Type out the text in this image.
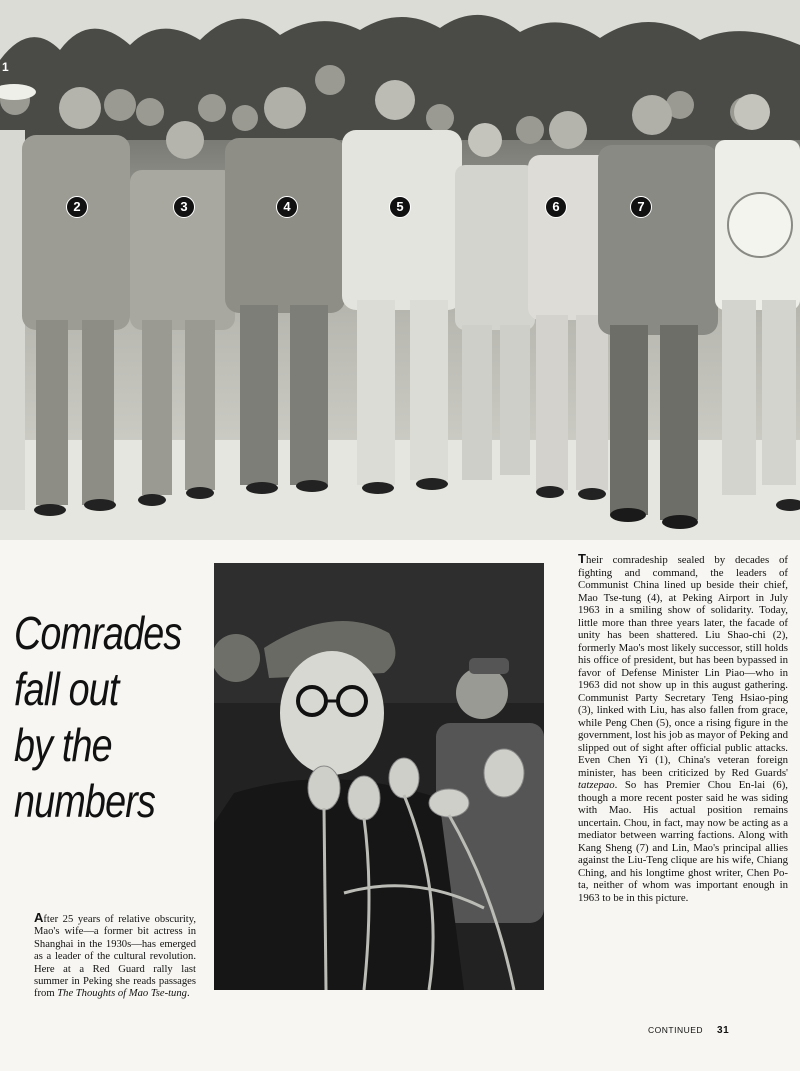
1
2	3	4	5	6	7
Comrades
fall out
by the
numbers
After 25 years of relative obscurity, Mao's wife—a former bit actress in Shanghai in the 1930s—has emerged as a leader of the cultural revolution. Here at a Red Guard rally last summer in Peking she reads passages from The Thoughts of Mao Tse-tung.
Their comradeship sealed by decades of fighting and command, the leaders of Communist China lined up beside their chief, Mao Tse-tung (4), at Peking Airport in July 1963 in a smiling show of solidarity. Today, little more than three years later, the facade of unity has been shattered. Liu Shao-chi (2), formerly Mao's most likely successor, still holds his office of president, but has been bypassed in favor of Defense Minister Lin Piao—who in 1963 did not show up in this august gathering. Communist Party Secretary Teng Hsiao-ping (3), linked with Liu, has also fallen from grace, while Peng Chen (5), once a rising figure in the government, lost his job as mayor of Peking and slipped out of sight after official public attacks. Even Chen Yi (1), China's veteran foreign minister, has been criticized by Red Guards' tatzepao. So has Premier Chou En-lai (6), though a more recent poster said he was siding with Mao. His actual position remains uncertain. Chou, in fact, may now be acting as a mediator between warring factions. Along with Kang Sheng (7) and Lin, Mao's principal allies against the Liu-Teng clique are his wife, Chiang Ching, and his longtime ghost writer, Chen Po-ta, neither of whom was important enough in 1963 to be in this picture.
CONTINUED 31
